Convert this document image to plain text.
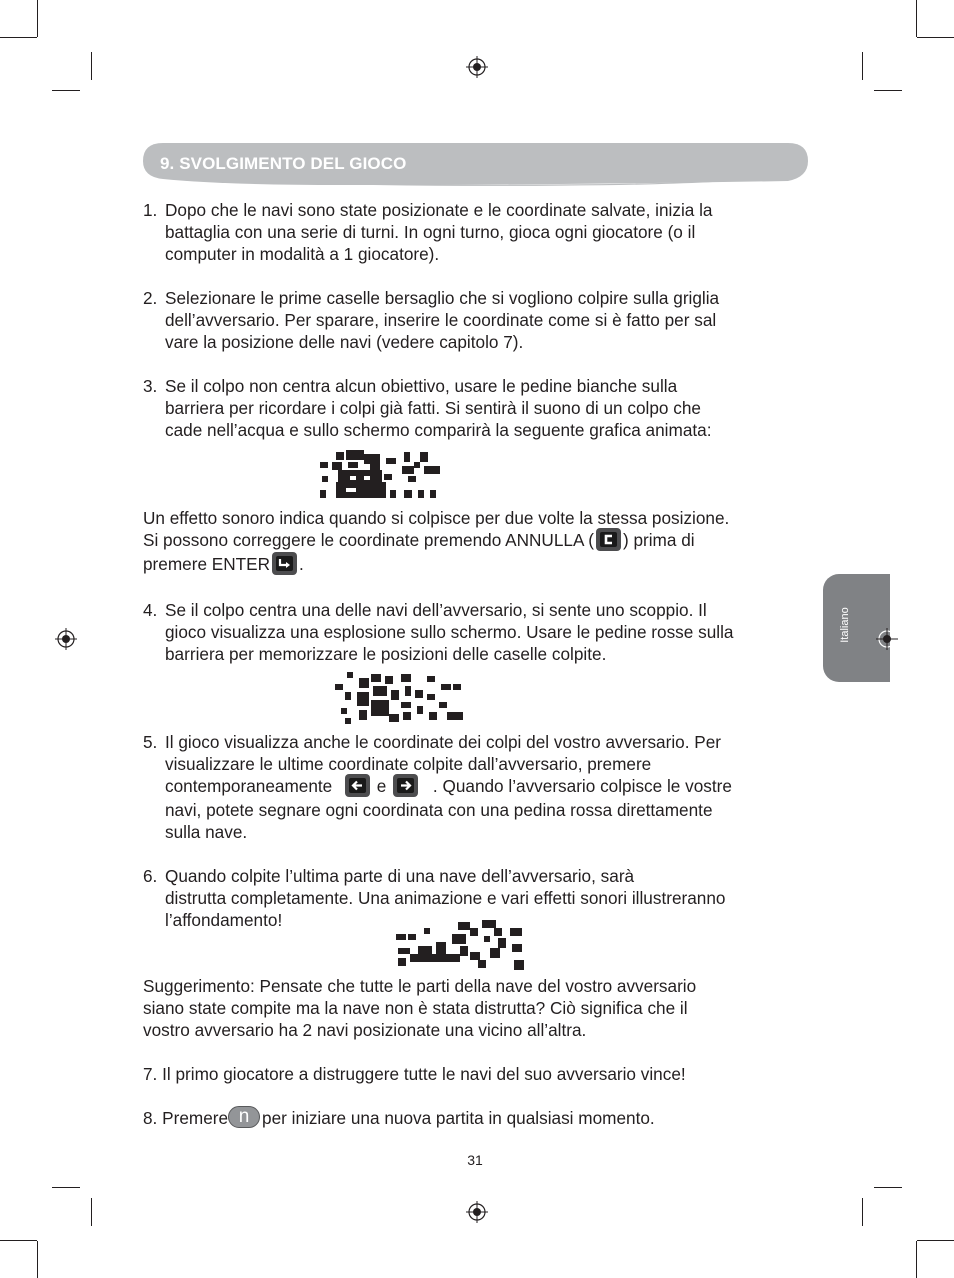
Italiano
9. SVOLGIMENTO DEL GIOCO
1. Dopo che le navi sono state posizionate e le coordinate salvate, inizia la
battaglia con una serie di turni. In ogni turno, gioca ogni giocatore (o il
computer in modalità a 1 giocatore).
2. Selezionare le prime caselle bersaglio che si vogliono colpire sulla griglia
dell’avversario. Per sparare, inserire le coordinate come si è fatto per sal
vare la posizione delle navi (vedere capitolo 7).
3. Se il colpo non centra alcun obiettivo, usare le pedine bianche sulla
barriera per ricordare i colpi già fatti. Si sentirà il suono di un colpo che
cade nell’acqua e sullo schermo comparirà la seguente grafica animata:
Un effetto sonoro indica quando si colpisce per due volte la stessa posizione.
Si possono correggere le coordinate premendo ANNULLA ( ) prima di
premere ENTER .
4. Se il colpo centra una delle navi dell’avversario, si sente uno scoppio. Il
gioco visualizza una esplosione sullo schermo. Usare le pedine rosse sulla
barriera per memorizzare le posizioni delle caselle colpite.
5. Il gioco visualizza anche le coordinate dei colpi del vostro avversario. Per
visualizzare le ultime coordinate colpite dall’avversario, premere
contemporaneamente	e	. Quando l’avversario colpisce le vostre
navi, potete segnare ogni coordinata con una pedina rossa direttamente
sulla nave.
6. Quando colpite l’ultima parte di una nave dell’avversario, sarà
distrutta completamente. Una animazione e vari effetti sonori illustreranno
l’affondamento!
Suggerimento: Pensate che tutte le parti della nave del vostro avversario
siano state compite ma la nave non è stata distrutta? Ciò significa che il
vostro avversario ha 2 navi posizionate una vicino all’altra.
7. Il primo giocatore a distruggere tutte le navi del suo avversario vince!
8. Premere n per iniziare una nuova partita in qualsiasi momento.
31
